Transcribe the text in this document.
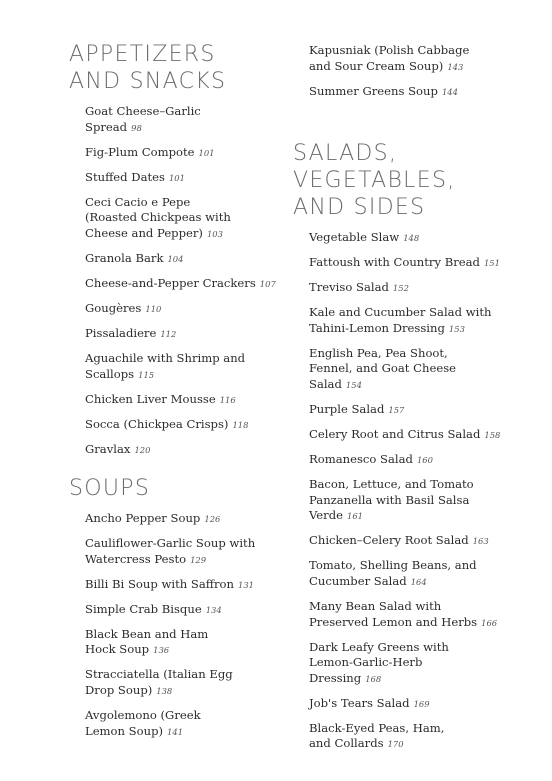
APPETIZERS
AND SNACKS
Goat Cheese–Garlic Spread 98
Fig-Plum Compote 101
Stuffed Dates 101
Ceci Cacio e Pepe (Roasted Chickpeas with Cheese and Pepper) 103
Granola Bark 104
Cheese-and-Pepper Crackers 107
Gougères 110
Pissaladiere 112
Aguachile with Shrimp and Scallops 115
Chicken Liver Mousse 116
Socca (Chickpea Crisps) 118
Gravlax 120
SOUPS
Ancho Pepper Soup 126
Cauliflower-Garlic Soup with Watercress Pesto 129
Billi Bi Soup with Saffron 131
Simple Crab Bisque 134
Black Bean and Ham Hock Soup 136
Stracciatella (Italian Egg Drop Soup) 138
Avgolemono (Greek Lemon Soup) 141
Kapusniak (Polish Cabbage and Sour Cream Soup) 143
Summer Greens Soup 144
SALADS,
VEGETABLES,
AND SIDES
Vegetable Slaw 148
Fattoush with Country Bread 151
Treviso Salad 152
Kale and Cucumber Salad with Tahini-Lemon Dressing 153
English Pea, Pea Shoot, Fennel, and Goat Cheese Salad 154
Purple Salad 157
Celery Root and Citrus Salad 158
Romanesco Salad 160
Bacon, Lettuce, and Tomato Panzanella with Basil Salsa Verde 161
Chicken–Celery Root Salad 163
Tomato, Shelling Beans, and Cucumber Salad 164
Many Bean Salad with Preserved Lemon and Herbs 166
Dark Leafy Greens with Lemon-Garlic-Herb Dressing 168
Job's Tears Salad 169
Black-Eyed Peas, Ham, and Collards 170
